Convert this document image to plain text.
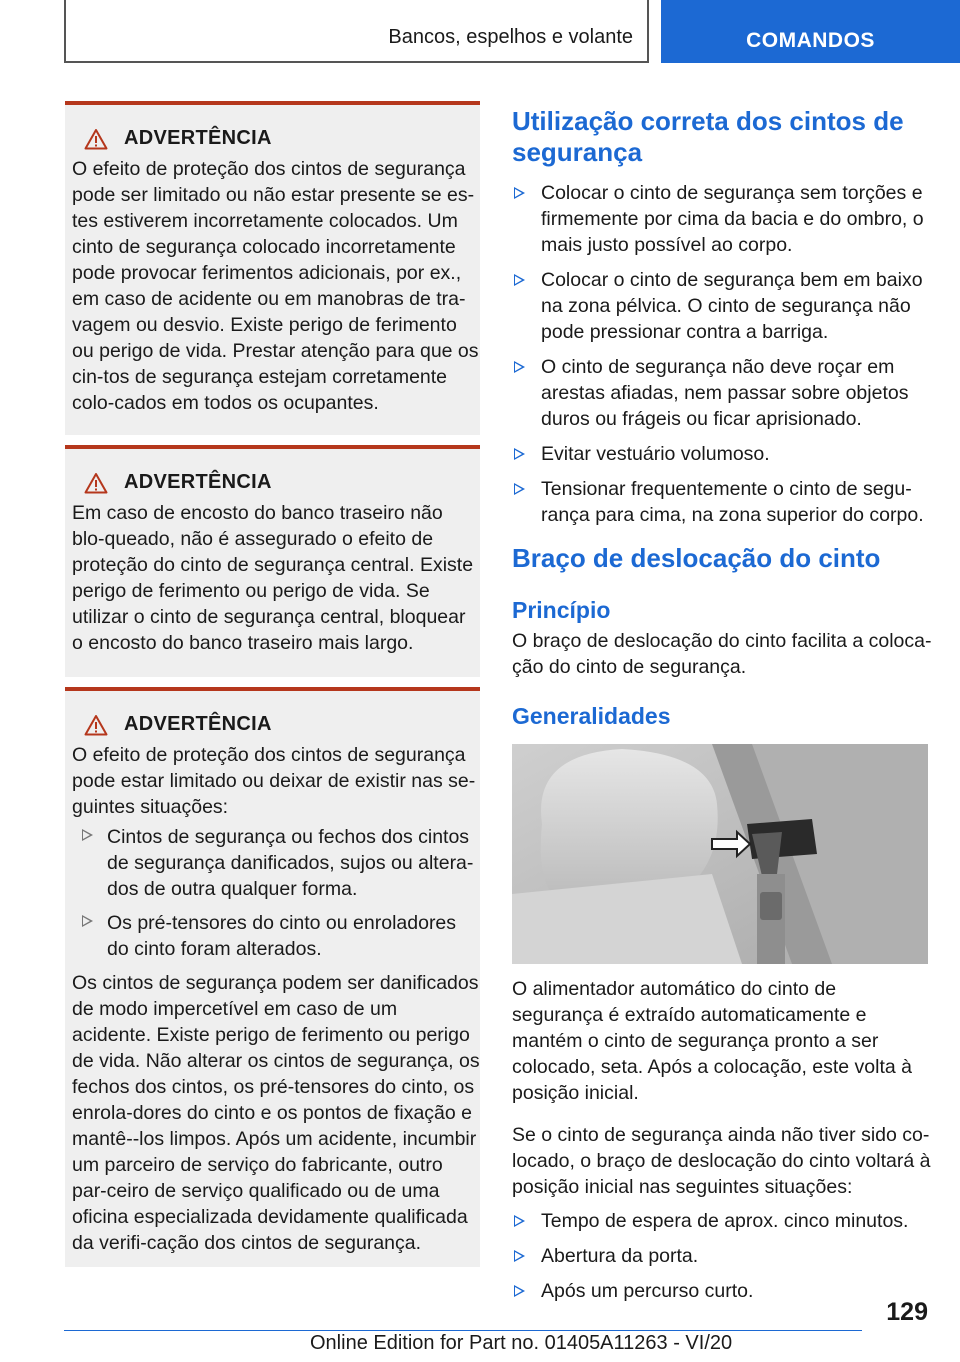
Bancos, espelhos e volante	COMANDOS
ADVERTÊNCIA

O efeito de proteção dos cintos de segurança pode ser limitado ou não estar presente se es‐tes estiverem incorretamente colocados. Um cinto de segurança colocado incorretamente pode provocar ferimentos adicionais, por ex., em caso de acidente ou em manobras de tra‐vagem ou desvio. Existe perigo de ferimento ou perigo de vida. Prestar atenção para que os cin‐tos de segurança estejam corretamente colo‐cados em todos os ocupantes.

ADVERTÊNCIA

Em caso de encosto do banco traseiro não blo‐queado, não é assegurado o efeito de proteção do cinto de segurança central. Existe perigo de ferimento ou perigo de vida. Se utilizar o cinto de segurança central, bloquear o encosto do banco traseiro mais largo.

ADVERTÊNCIA

O efeito de proteção dos cintos de segurança pode estar limitado ou deixar de existir nas se‐guintes situações:

Cintos de segurança ou fechos dos cintos de segurança danificados, sujos ou altera‐dos de outra qualquer forma.
Os pré-tensores do cinto ou enroladores do cinto foram alterados.

Os cintos de segurança podem ser danificados de modo impercetível em caso de um acidente. Existe perigo de ferimento ou perigo de vida. Não alterar os cintos de segurança, os fechos dos cintos, os pré-tensores do cinto, os enrola‐dores do cinto e os pontos de fixação e mantê‐-los limpos. Após um acidente, incumbir um parceiro de serviço do fabricante, outro par‐ceiro de serviço qualificado ou de uma oficina especializada devidamente qualificada da verifi‐cação dos cintos de segurança.

Utilização correta dos cintos de segurança
Colocar o cinto de segurança sem torções e firmemente por cima da bacia e do ombro, o mais justo possível ao corpo.
Colocar o cinto de segurança bem em baixo na zona pélvica. O cinto de segurança não pode pressionar contra a barriga.
O cinto de segurança não deve roçar em arestas afiadas, nem passar sobre objetos duros ou frágeis ou ficar aprisionado.
Evitar vestuário volumoso.
Tensionar frequentemente o cinto de segu‐rança para cima, na zona superior do corpo.
Braço de deslocação do cinto
Princípio

O braço de deslocação do cinto facilita a coloca‐ção do cinto de segurança.

Generalidades

O alimentador automático do cinto de segurança é extraído automaticamente e mantém o cinto de segurança pronto a ser colocado, seta. Após a colocação, este volta à posição inicial.

Se o cinto de segurança ainda não tiver sido co‐locado, o braço de deslocação do cinto voltará à posição inicial nas seguintes situações:

Tempo de espera de aprox. cinco minutos.
Abertura da porta.
Após um percurso curto.
129
Online Edition for Part no. 01405A11263 - VI/20
